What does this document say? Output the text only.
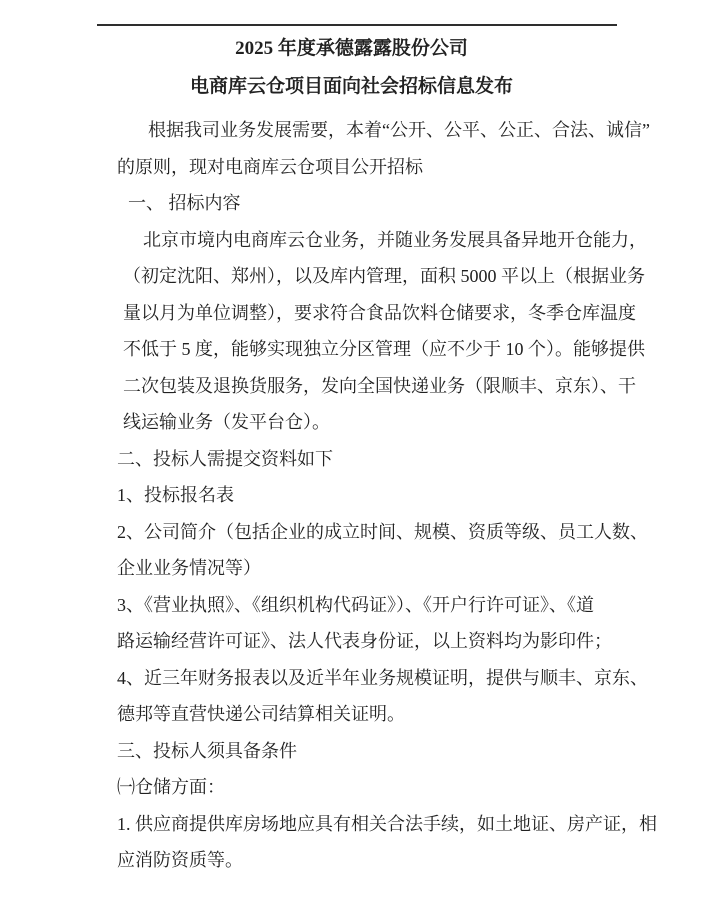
2025 年度承德露露股份公司
电商库云仓项目面向社会招标信息发布
根据我司业务发展需要，本着“公开、公平、公正、合法、诚信”
的原则，现对电商库云仓项目公开招标
一、 招标内容
北京市境内电商库云仓业务，并随业务发展具备异地开仓能力，
（初定沈阳、郑州），以及库内管理，面积 5000 平以上（根据业务
量以月为单位调整），要求符合食品饮料仓储要求，冬季仓库温度
不低于 5 度，能够实现独立分区管理（应不少于 10 个）。能够提供
二次包装及退换货服务，发向全国快递业务（限顺丰、京东）、干
线运输业务（发平台仓）。
二、投标人需提交资料如下
1、投标报名表
2、公司简介（包括企业的成立时间、规模、资质等级、员工人数、
企业业务情况等）
3、《营业执照》、《组织机构代码证》）、《开户行许可证》、《道
路运输经营许可证》、法人代表身份证，以上资料均为影印件；
4、近三年财务报表以及近半年业务规模证明，提供与顺丰、京东、
德邦等直营快递公司结算相关证明。
三、投标人须具备条件
㈠仓储方面：
1. 供应商提供库房场地应具有相关合法手续，如土地证、房产证，相
应消防资质等。
